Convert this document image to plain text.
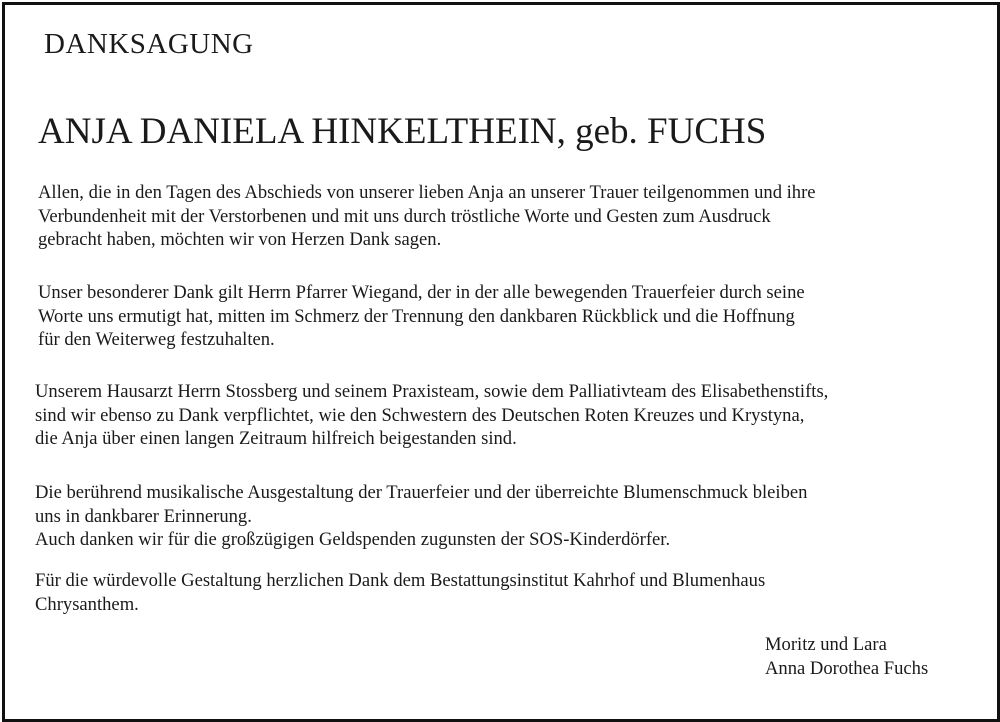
DANKSAGUNG
ANJA DANIELA HINKELTHEIN, geb. FUCHS

Allen, die in den Tagen des Abschieds von unserer lieben Anja an unserer Trauer teilgenommen und ihre
Verbundenheit mit der Verstorbenen und mit uns durch tröstliche Worte und Gesten zum Ausdruck
gebracht haben, möchten wir von Herzen Dank sagen.

Unser besonderer Dank gilt Herrn Pfarrer Wiegand, der in der alle bewegenden Trauerfeier durch seine
Worte uns ermutigt hat, mitten im Schmerz der Trennung den dankbaren Rückblick und die Hoffnung
für den Weiterweg festzuhalten.

Unserem Hausarzt Herrn Stossberg und seinem Praxisteam, sowie dem Palliativteam des Elisabethenstifts,
sind wir ebenso zu Dank verpflichtet, wie den Schwestern des Deutschen Roten Kreuzes und Krystyna,
die Anja über einen langen Zeitraum hilfreich beigestanden sind.

Die berührend musikalische Ausgestaltung der Trauerfeier und der überreichte Blumenschmuck bleiben
uns in dankbarer Erinnerung.
Auch danken wir für die großzügigen Geldspenden zugunsten der SOS-Kinderdörfer.

Für die würdevolle Gestaltung herzlichen Dank dem Bestattungsinstitut Kahrhof und Blumenhaus
Chrysanthem.

Moritz und Lara
Anna Dorothea Fuchs
